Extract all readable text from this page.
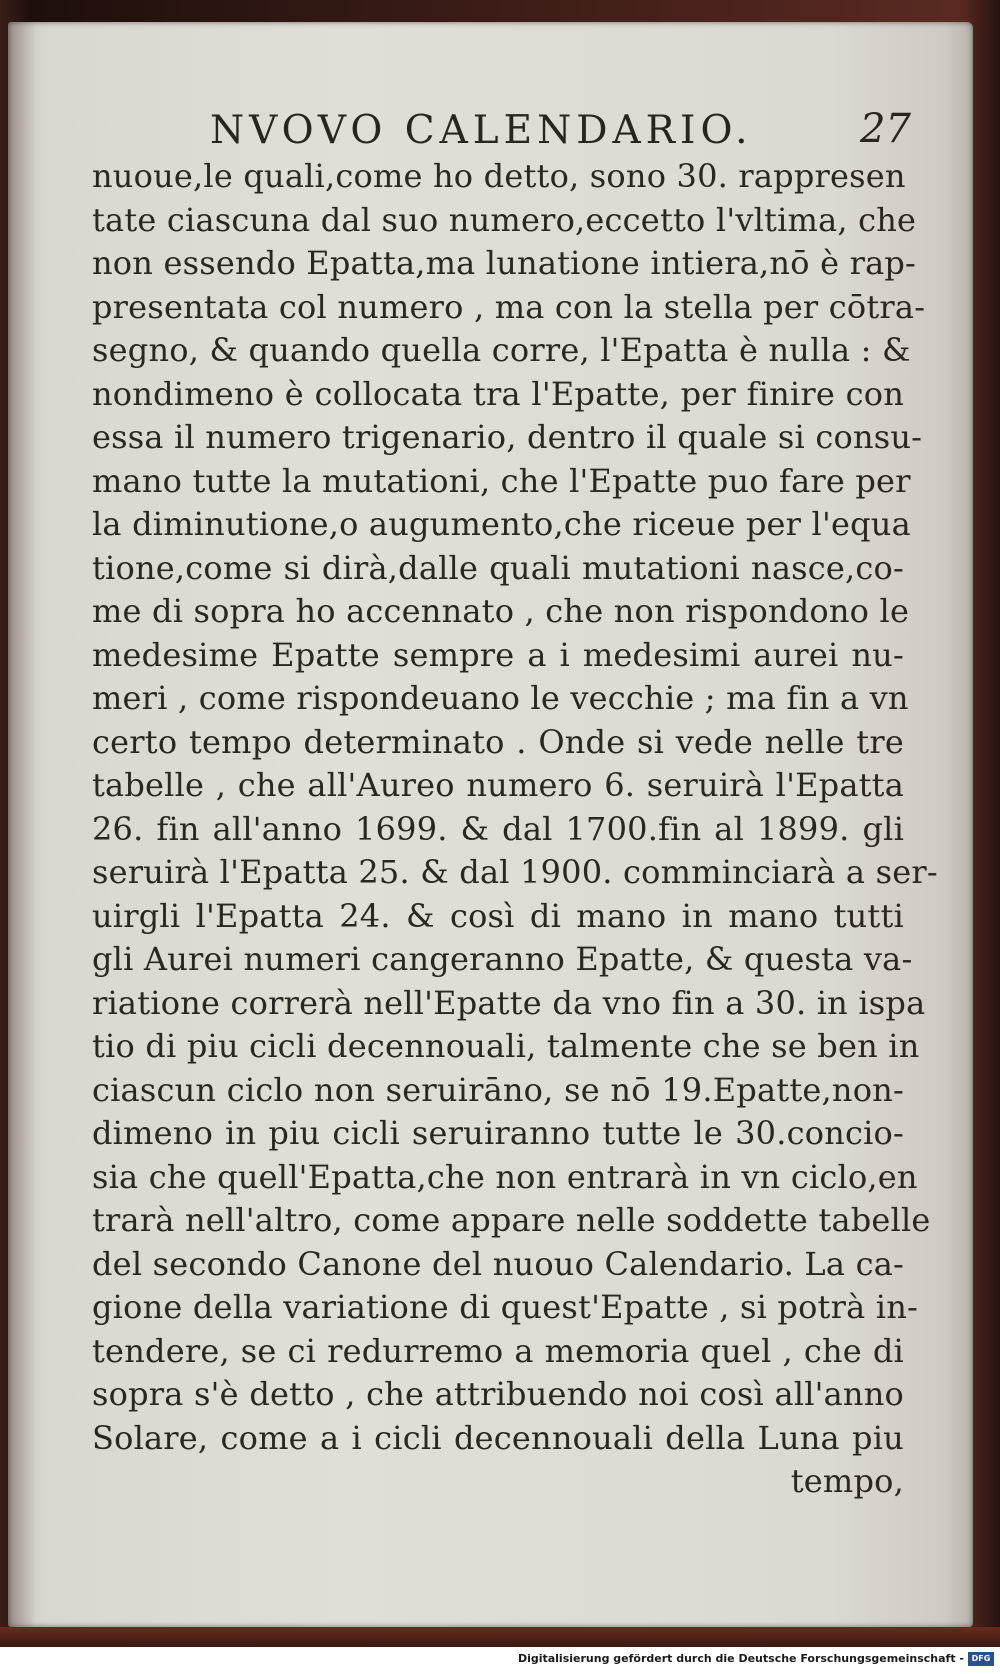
NVOVO CALENDARIO.	27
nuoue,le quali,come ho detto, sono 30. rappresen
tate ciascuna dal suo numero,eccetto l'vltima, che
non essendo Epatta,ma lunatione intiera,nō è rap-
presentata col numero , ma con la stella per cōtra-
segno, & quando quella corre, l'Epatta è nulla : &
nondimeno è collocata tra l'Epatte, per finire con
essa il numero trigenario, dentro il quale si consu-
mano tutte la mutationi, che l'Epatte puo fare per
la diminutione,o augumento,che riceue per l'equa
tione,come si dirà,dalle quali mutationi nasce,co-
me di sopra ho accennato , che non rispondono le
medesime Epatte sempre a i medesimi aurei nu-
meri , come rispondeuano le vecchie ; ma fin a vn
certo tempo determinato . Onde si vede nelle tre
tabelle , che all'Aureo numero 6. seruirà l'Epatta
26. fin all'anno 1699. & dal 1700.fin al 1899. gli
seruirà l'Epatta 25. & dal 1900. comminciarà a ser-
uirgli l'Epatta 24. & così di mano in mano tutti
gli Aurei numeri cangeranno Epatte, & questa va-
riatione correrà nell'Epatte da vno fin a 30. in ispa
tio di piu cicli decennouali, talmente che se ben in
ciascun ciclo non seruirāno, se nō 19.Epatte,non-
dimeno in piu cicli seruiranno tutte le 30.concio-
sia che quell'Epatta,che non entrarà in vn ciclo,en
trarà nell'altro, come appare nelle soddette tabelle
del secondo Canone del nuouo Calendario. La ca-
gione della variatione di quest'Epatte , si potrà in-
tendere, se ci redurremo a memoria quel , che di
sopra s'è detto , che attribuendo noi così all'anno
Solare, come a i cicli decennouali della Luna piu
tempo,
Digitalisierung gefördert durch die Deutsche Forschungsgemeinschaft - DFG
